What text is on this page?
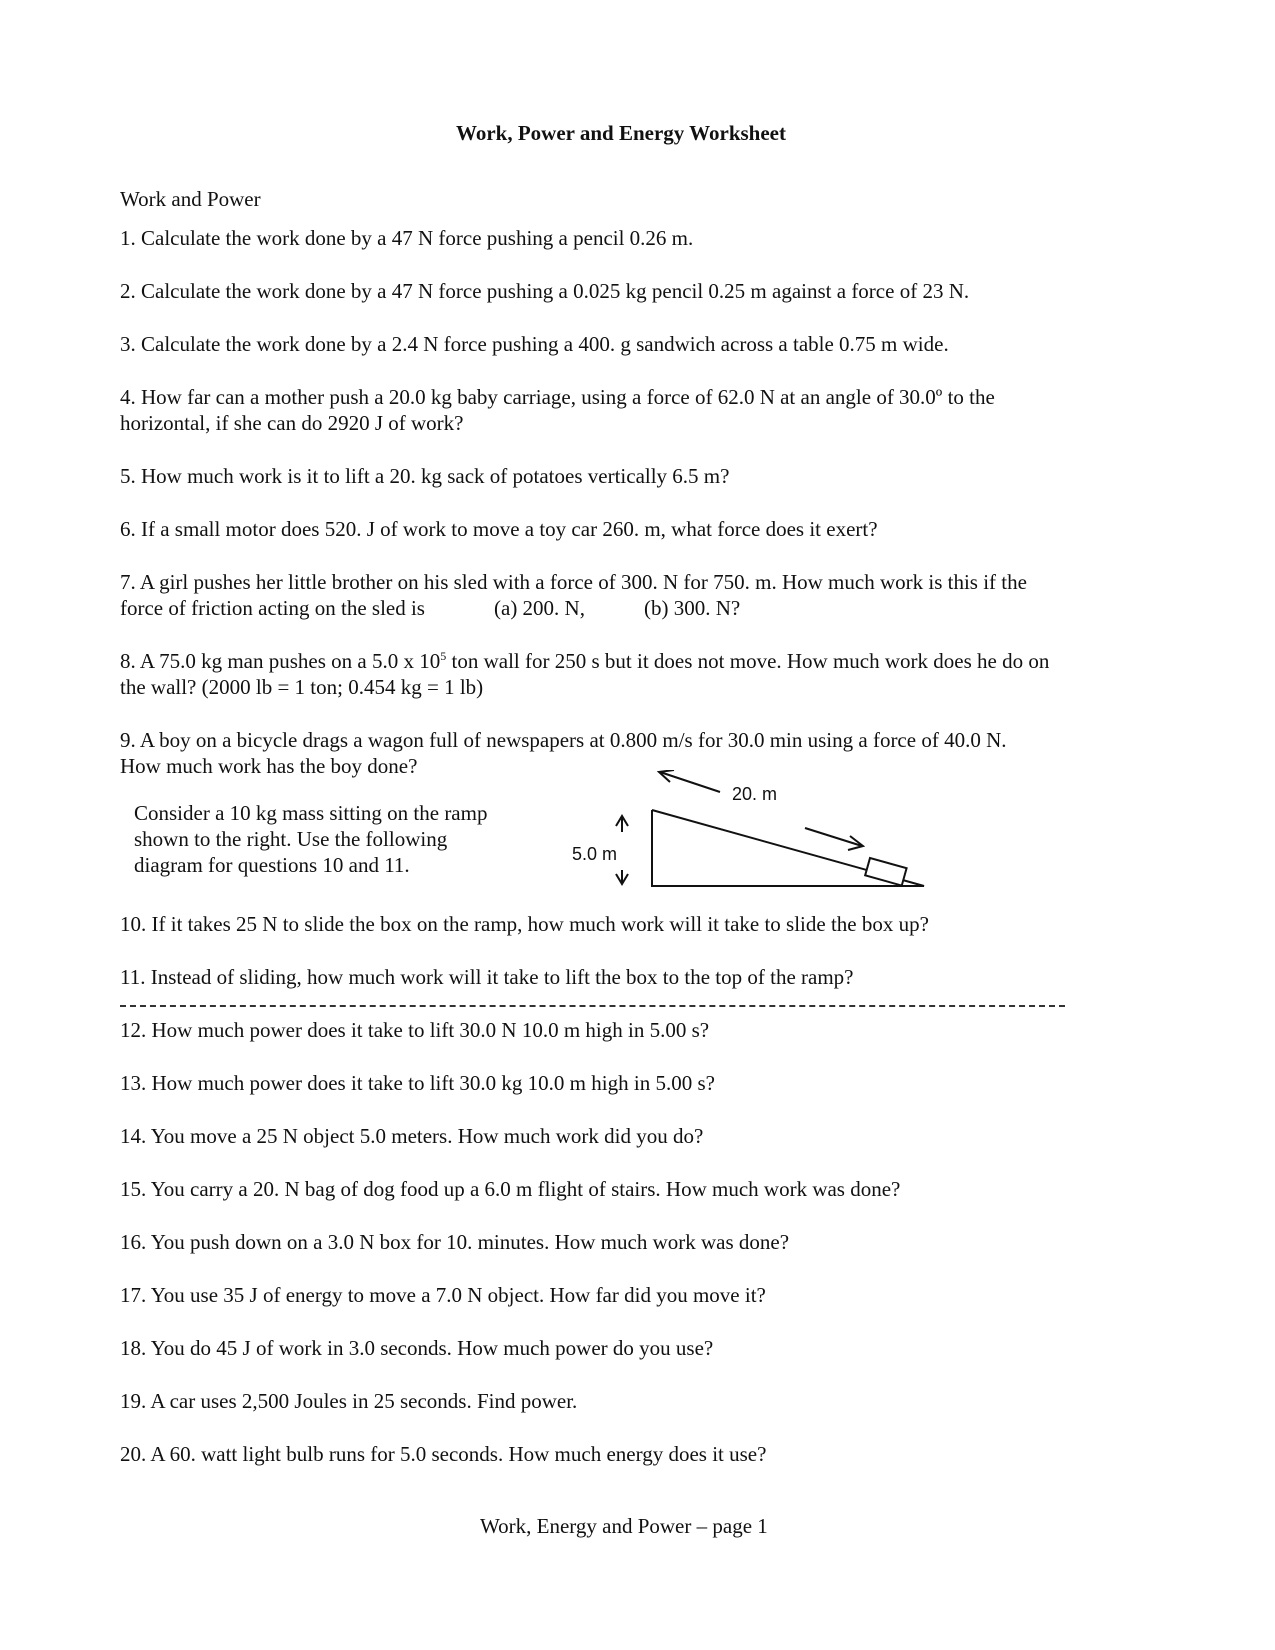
Work, Power and Energy Worksheet
Work and Power
1. Calculate the work done by a 47 N force pushing a pencil 0.26 m.
2. Calculate the work done by a 47 N force pushing a 0.025 kg pencil 0.25 m against a force of 23 N.
3. Calculate the work done by a 2.4 N force pushing a 400. g sandwich across a table 0.75 m wide.
4. How far can a mother push a 20.0 kg baby carriage, using a force of 62.0 N at an angle of 30.0º to the
horizontal, if she can do 2920 J of work?
5. How much work is it to lift a 20. kg sack of potatoes vertically 6.5 m?
6. If a small motor does 520. J of work to move a toy car 260. m, what force does it exert?
7. A girl pushes her little brother on his sled with a force of 300. N for 750. m. How much work is this if the
force of friction acting on the sled is	(a) 200. N,	(b) 300. N?
8. A 75.0 kg man pushes on a 5.0 x $10^5$ ton wall for 250 s but it does not move. How much work does he do on
the wall? (2000 lb = 1 ton; 0.454 kg = 1 lb)
9. A boy on a bicycle drags a wagon full of newspapers at 0.800 m/s for 30.0 min using a force of 40.0 N.
How much work has the boy done?
Consider a 10 kg mass sitting on the ramp
shown to the right. Use the following
diagram for questions 10 and 11.
20. m
5.0 m
10. If it takes 25 N to slide the box on the ramp, how much work will it take to slide the box up?
11. Instead of sliding, how much work will it take to lift the box to the top of the ramp?
12. How much power does it take to lift 30.0 N 10.0 m high in 5.00 s?
13. How much power does it take to lift 30.0 kg 10.0 m high in 5.00 s?
14. You move a 25 N object 5.0 meters. How much work did you do?
15. You carry a 20. N bag of dog food up a 6.0 m flight of stairs. How much work was done?
16. You push down on a 3.0 N box for 10. minutes. How much work was done?
17. You use 35 J of energy to move a 7.0 N object. How far did you move it?
18. You do 45 J of work in 3.0 seconds. How much power do you use?
19. A car uses 2,500 Joules in 25 seconds. Find power.
20. A 60. watt light bulb runs for 5.0 seconds. How much energy does it use?
Work, Energy and Power – page 1
